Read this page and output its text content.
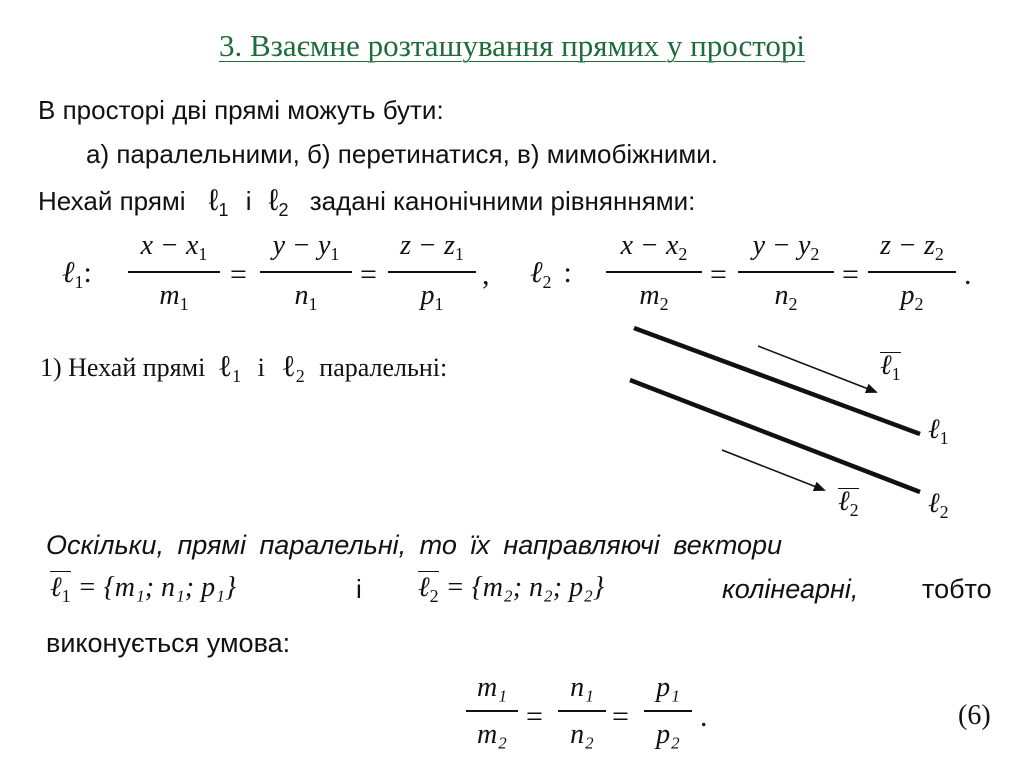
3. Взаємне розташування прямих у просторі
В просторі дві прямі можуть бути:
а) паралельними, б) перетинатися, в) мимобіжними.
Нехай прямі ℓ$_1$ і ℓ$_2$ задані канонічними рівняннями:
ℓ$_1$:
$x - x_1$
$m_1$
=
$y - y_1$
$n_1$
=
$z - z_1$
$p_1$
, ℓ$_2$ :
$x - x_2$
$m_2$
=
$y - y_2$
$n_2$
=
$z - z_2$
$p_2$
.
1) Нехай прямі ℓ$_1$ і ℓ$_2$ паралельні:	ℓ$_1$
ℓ$_1$
ℓ$_2$ ℓ$_2$
Оскільки, прямі паралельні, то їх направляючі вектори
ℓ$_1$ = {m₁; n₁; p₁}	і ℓ$_2$ = {m₂; n₂; p₂}	колінеарні, тобто
виконується умова:
m₁
m₂
=
n₁
n₂
=
p₁
p₂
.	(6)
